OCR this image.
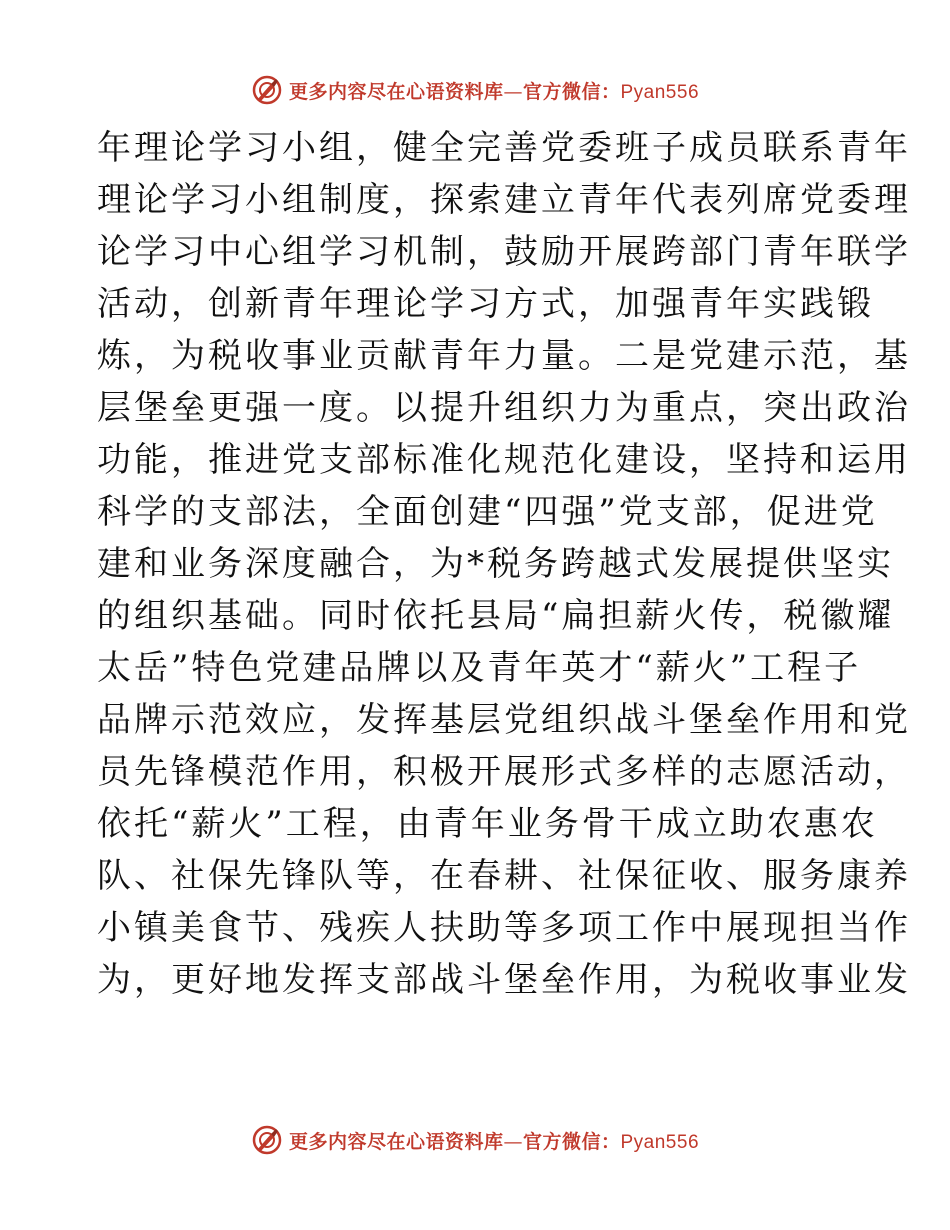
更多内容尽在心语资料库—官方微信：Pyan556
年理论学习小组，健全完善党委班子成员联系青年
理论学习小组制度，探索建立青年代表列席党委理
论学习中心组学习机制，鼓励开展跨部门青年联学
活动，创新青年理论学习方式，加强青年实践锻
炼，为税收事业贡献青年力量。二是党建示范，基
层堡垒更强一度。以提升组织力为重点，突出政治
功能，推进党支部标准化规范化建设，坚持和运用
科学的支部法，全面创建“四强”党支部，促进党
建和业务深度融合，为*税务跨越式发展提供坚实
的组织基础。同时依托县局“扁担薪火传，税徽耀
太岳”特色党建品牌以及青年英才“薪火”工程子
品牌示范效应，发挥基层党组织战斗堡垒作用和党
员先锋模范作用，积极开展形式多样的志愿活动，
依托“薪火”工程，由青年业务骨干成立助农惠农
队、社保先锋队等，在春耕、社保征收、服务康养
小镇美食节、残疾人扶助等多项工作中展现担当作
为，更好地发挥支部战斗堡垒作用，为税收事业发
更多内容尽在心语资料库—官方微信：Pyan556
